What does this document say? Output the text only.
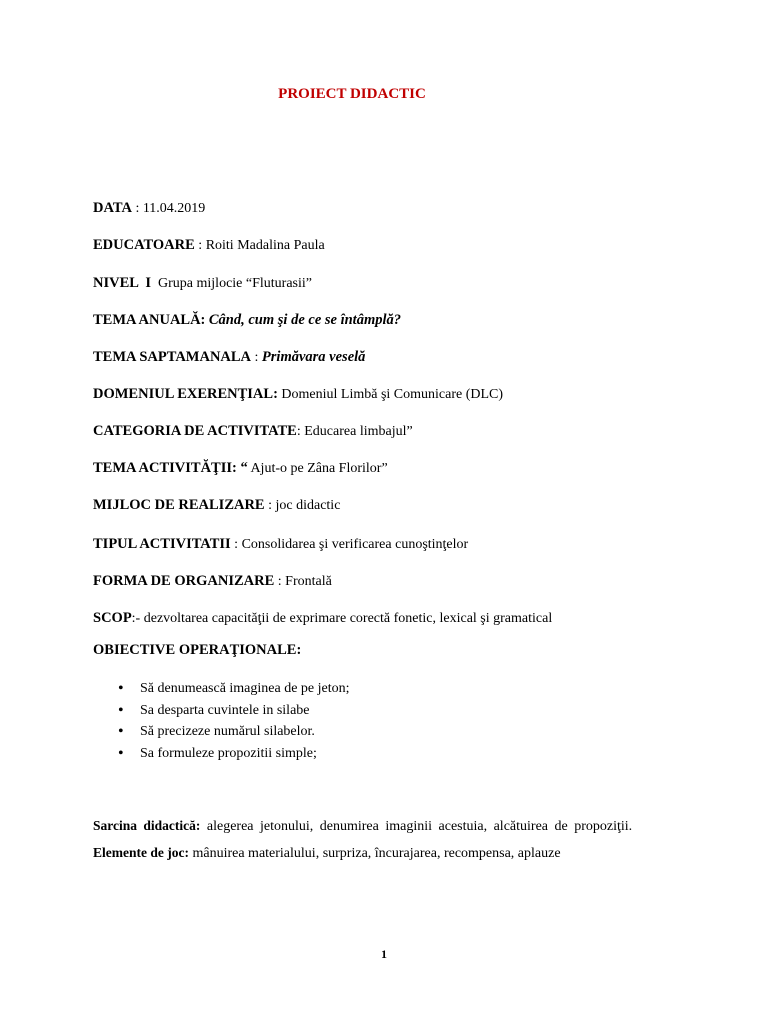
PROIECT DIDACTIC
DATA : 11.04.2019
EDUCATOARE : Roiti Madalina Paula
NIVEL  I Grupa mijlocie “Fluturasii”
TEMA ANUALĂ: Când, cum şi de ce se întâmplă?
TEMA SAPTAMANALA : Primăvara veselă
DOMENIUL EXERENŢIAL: Domeniul Limbă şi Comunicare (DLC)
CATEGORIA DE ACTIVITATE: Educarea limbajul”
TEMA ACTIVITĂŢII: “ Ajut-o pe Zâna Florilor”
MIJLOC DE REALIZARE : joc didactic
TIPUL ACTIVITATII : Consolidarea şi verificarea cunoştinţelor
FORMA DE ORGANIZARE : Frontală
SCOP:- dezvoltarea capacităţii de exprimare corectă fonetic, lexical şi gramatical
OBIECTIVE OPERAŢIONALE:
• Să denumească imaginea de pe jeton;
• Sa desparta cuvintele in silabe
• Să precizeze numărul silabelor.
• Sa formuleze propozitii simple;
Sarcina didactică: alegerea jetonului, denumirea imaginii acestuia, alcătuirea de propoziţii.
Elemente de joc: mânuirea materialului, surpriza, încurajarea, recompensa, aplauze
1
